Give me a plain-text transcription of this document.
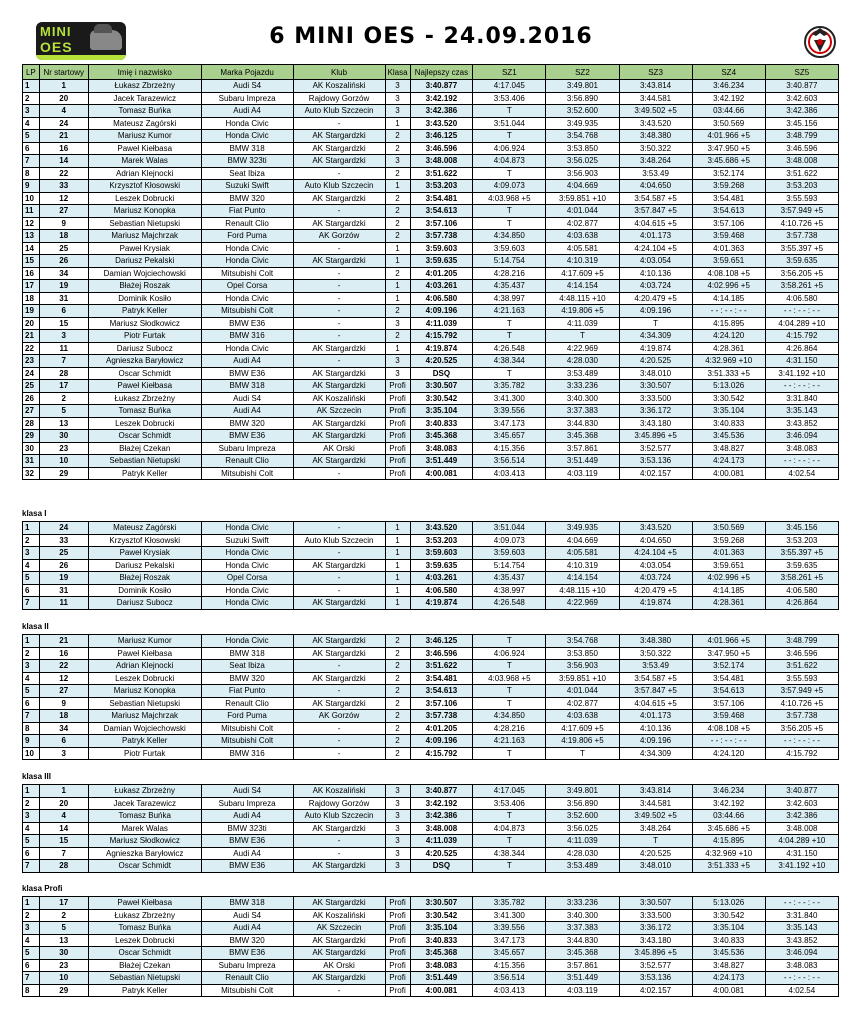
MINI
OES	6 MINI OES - 24.09.2016
LP	Nr startowy	Imię i nazwisko	Marka Pojazdu	Klub	Klasa	Najlepszy czas	SZ1	SZ2	SZ3	SZ4	SZ5
1	1	Łukasz Zbrzeżny	Audi S4	AK Koszaliński	3	3:40.877	4:17.045	3:49.801	3:43.814	3:46.234	3:40.877
2	20	Jacek Tarazewicz	Subaru Impreza	Rajdowy Gorzów	3	3:42.192	3:53.406	3:56.890	3:44.581	3:42.192	3:42.603
3	4	Tomasz Buńka	Audi A4	Auto Klub Szczecin	3	3:42.386	T	3:52.600	3:49.502 +5	03:44.66	3:42.386
4	24	Mateusz Zagórski	Honda Civic	-	1	3:43.520	3:51.044	3:49.935	3:43.520	3:50.569	3:45.156
5	21	Mariusz Kumor	Honda Civic	AK Stargardzki	2	3:46.125	T	3:54.768	3:48.380	4:01.966 +5	3:48.799
6	16	Paweł Kiełbasa	BMW 318	AK Stargardzki	2	3:46.596	4:06.924	3:53.850	3:50.322	3:47.950 +5	3:46.596
7	14	Marek Walas	BMW 323ti	AK Stargardzki	3	3:48.008	4:04.873	3:56.025	3:48.264	3:45.686 +5	3:48.008
8	22	Adrian Klejnocki	Seat Ibiza	-	2	3:51.622	T	3:56.903	3:53.49	3:52.174	3:51.622
9	33	Krzysztof Kłosowski	Suzuki Swift	Auto Klub Szczecin	1	3:53.203	4:09.073	4:04.669	4:04.650	3:59.268	3:53.203
10	12	Leszek Dobrucki	BMW 320	AK Stargardzki	2	3:54.481	4:03.968 +5	3:59.851 +10	3:54.587 +5	3:54.481	3:55.593
11	27	Mariusz Konopka	Fiat Punto	-	2	3:54.613	T	4:01.044	3:57.847 +5	3:54.613	3:57.949 +5
12	9	Sebastian Nietupski	Renault Clio	AK Stargardzki	2	3:57.106	T	4:02.877	4:04.615 +5	3:57.106	4:10.726 +5
13	18	Mariusz Majchrzak	Ford Puma	AK Gorzów	2	3:57.738	4:34.850	4:03.638	4:01.173	3:59.468	3:57.738
14	25	Paweł Krysiak	Honda Civic	-	1	3:59.603	3:59.603	4:05.581	4:24.104 +5	4:01.363	3:55.397 +5
15	26	Dariusz Pekalski	Honda Civic	AK Stargardzki	1	3:59.635	5:14.754	4:10.319	4:03.054	3:59.651	3:59.635
16	34	Damian Wojciechowski	Mitsubishi Colt	-	2	4:01.205	4:28.216	4:17.609 +5	4:10.136	4:08.108 +5	3:56.205 +5
17	19	Błażej Roszak	Opel Corsa	-	1	4:03.261	4:35.437	4:14.154	4:03.724	4:02.996 +5	3:58.261 +5
18	31	Dominik Kosiło	Honda Civic	-	1	4:06.580	4:38.997	4:48.115 +10	4:20.479 +5	4:14.185	4:06.580
19	6	Patryk Keller	Mitsubishi Colt	-	2	4:09.196	4:21.163	4:19.806 +5	4:09.196	- - : - - : - -	- - : - - : - -
20	15	Mariusz Słodkowicz	BMW E36	-	3	4:11.039	T	4:11.039	T	4:15.895	4:04.289 +10
21	3	Piotr Furtak	BMW 316	-	2	4:15.792	T	T	4:34.309	4:24.120	4:15.792
22	11	Dariusz Subocz	Honda Civic	AK Stargardzki	1	4:19.874	4:26.548	4:22.969	4:19.874	4:28.361	4:26.864
23	7	Agnieszka Baryłowicz	Audi A4	-	3	4:20.525	4:38.344	4:28.030	4:20.525	4:32.969 +10	4:31.150
24	28	Oscar Schmidt	BMW E36	AK Stargardzki	3	DSQ	T	3:53.489	3:48.010	3:51.333 +5	3:41.192 +10
25	17	Paweł Kiełbasa	BMW 318	AK Stargardzki	Profi	3:30.507	3:35.782	3:33.236	3:30.507	5:13.026	- - : - - : - -
26	2	Łukasz Zbrzeżny	Audi S4	AK Koszaliński	Profi	3:30.542	3:41.300	3:40.300	3:33.500	3:30.542	3:31.840
27	5	Tomasz Buńka	Audi A4	AK Szczecin	Profi	3:35.104	3:39.556	3:37.383	3:36.172	3:35.104	3:35.143
28	13	Leszek Dobrucki	BMW 320	AK Stargardzki	Profi	3:40.833	3:47.173	3:44.830	3:43.180	3:40.833	3:43.852
29	30	Oscar Schmidt	BMW E36	AK Stargardzki	Profi	3:45.368	3:45.657	3:45.368	3:45.896 +5	3:45.536	3:46.094
30	23	Błażej Czekan	Subaru Impreza	AK Orski	Profi	3:48.083	4:15.356	3:57.861	3:52.577	3:48.827	3:48.083
31	10	Sebastian Nietupski	Renault Clio	AK Stargardzki	Profi	3:51.449	3:56.514	3:51.449	3:53.136	4:24.173	- - : - - : - -
32	29	Patryk Keller	Mitsubishi Colt	-	Profi	4:00.081	4:03.413	4:03.119	4:02.157	4:00.081	4:02.54
klasa I
1	24	Mateusz Zagórski	Honda Civic	-	1	3:43.520	3:51.044	3:49.935	3:43.520	3:50.569	3:45.156
2	33	Krzysztof Kłosowski	Suzuki Swift	Auto Klub Szczecin	1	3:53.203	4:09.073	4:04.669	4:04.650	3:59.268	3:53.203
3	25	Paweł Krysiak	Honda Civic	-	1	3:59.603	3:59.603	4:05.581	4:24.104 +5	4:01.363	3:55.397 +5
4	26	Dariusz Pekalski	Honda Civic	AK Stargardzki	1	3:59.635	5:14.754	4:10.319	4:03.054	3:59.651	3:59.635
5	19	Błażej Roszak	Opel Corsa	-	1	4:03.261	4:35.437	4:14.154	4:03.724	4:02.996 +5	3:58.261 +5
6	31	Dominik Kosiło	Honda Civic	-	1	4:06.580	4:38.997	4:48.115 +10	4:20.479 +5	4:14.185	4:06.580
7	11	Dariusz Subocz	Honda Civic	AK Stargardzki	1	4:19.874	4:26.548	4:22.969	4:19.874	4:28.361	4:26.864
klasa II
1	21	Mariusz Kumor	Honda Civic	AK Stargardzki	2	3:46.125	T	3:54.768	3:48.380	4:01.966 +5	3:48.799
2	16	Paweł Kiełbasa	BMW 318	AK Stargardzki	2	3:46.596	4:06.924	3:53.850	3:50.322	3:47.950 +5	3:46.596
3	22	Adrian Klejnocki	Seat Ibiza	-	2	3:51.622	T	3:56.903	3:53.49	3:52.174	3:51.622
4	12	Leszek Dobrucki	BMW 320	AK Stargardzki	2	3:54.481	4:03.968 +5	3:59.851 +10	3:54.587 +5	3:54.481	3:55.593
5	27	Mariusz Konopka	Fiat Punto	-	2	3:54.613	T	4:01.044	3:57.847 +5	3:54.613	3:57.949 +5
6	9	Sebastian Nietupski	Renault Clio	AK Stargardzki	2	3:57.106	T	4:02.877	4:04.615 +5	3:57.106	4:10.726 +5
7	18	Mariusz Majchrzak	Ford Puma	AK Gorzów	2	3:57.738	4:34.850	4:03.638	4:01.173	3:59.468	3:57.738
8	34	Damian Wojciechowski	Mitsubishi Colt	-	2	4:01.205	4:28.216	4:17.609 +5	4:10.136	4:08.108 +5	3:56.205 +5
9	6	Patryk Keller	Mitsubishi Colt	-	2	4:09.196	4:21.163	4:19.806 +5	4:09.196	- - : - - : - -	- - : - - : - -
10	3	Piotr Furtak	BMW 316	-	2	4:15.792	T	T	4:34.309	4:24.120	4:15.792
klasa III
1	1	Łukasz Zbrzeżny	Audi S4	AK Koszaliński	3	3:40.877	4:17.045	3:49.801	3:43.814	3:46.234	3:40.877
2	20	Jacek Tarazewicz	Subaru Impreza	Rajdowy Gorzów	3	3:42.192	3:53.406	3:56.890	3:44.581	3:42.192	3:42.603
3	4	Tomasz Buńka	Audi A4	Auto Klub Szczecin	3	3:42.386	T	3:52.600	3:49.502 +5	03:44.66	3:42.386
4	14	Marek Walas	BMW 323ti	AK Stargardzki	3	3:48.008	4:04.873	3:56.025	3:48.264	3:45.686 +5	3:48.008
5	15	Mariusz Słodkowicz	BMW E36	-	3	4:11.039	T	4:11.039	T	4:15.895	4:04.289 +10
6	7	Agnieszka Baryłowicz	Audi A4	-	3	4:20.525	4:38.344	4:28.030	4:20.525	4:32.969 +10	4:31.150
7	28	Oscar Schmidt	BMW E36	AK Stargardzki	3	DSQ	T	3:53.489	3:48.010	3:51.333 +5	3:41.192 +10
klasa Profi
1	17	Paweł Kiełbasa	BMW 318	AK Stargardzki	Profi	3:30.507	3:35.782	3:33.236	3:30.507	5:13.026	- - : - - : - -
2	2	Łukasz Zbrzeżny	Audi S4	AK Koszaliński	Profi	3:30.542	3:41.300	3:40.300	3:33.500	3:30.542	3:31.840
3	5	Tomasz Buńka	Audi A4	AK Szczecin	Profi	3:35.104	3:39.556	3:37.383	3:36.172	3:35.104	3:35.143
4	13	Leszek Dobrucki	BMW 320	AK Stargardzki	Profi	3:40.833	3:47.173	3:44.830	3:43.180	3:40.833	3:43.852
5	30	Oscar Schmidt	BMW E36	AK Stargardzki	Profi	3:45.368	3:45.657	3:45.368	3:45.896 +5	3:45.536	3:46.094
6	23	Błażej Czekan	Subaru Impreza	AK Orski	Profi	3:48.083	4:15.356	3:57.861	3:52.577	3:48.827	3:48.083
7	10	Sebastian Nietupski	Renault Clio	AK Stargardzki	Profi	3:51.449	3:56.514	3:51.449	3:53.136	4:24.173	- - : - - : - -
8	29	Patryk Keller	Mitsubishi Colt	-	Profi	4:00.081	4:03.413	4:03.119	4:02.157	4:00.081	4:02.54
